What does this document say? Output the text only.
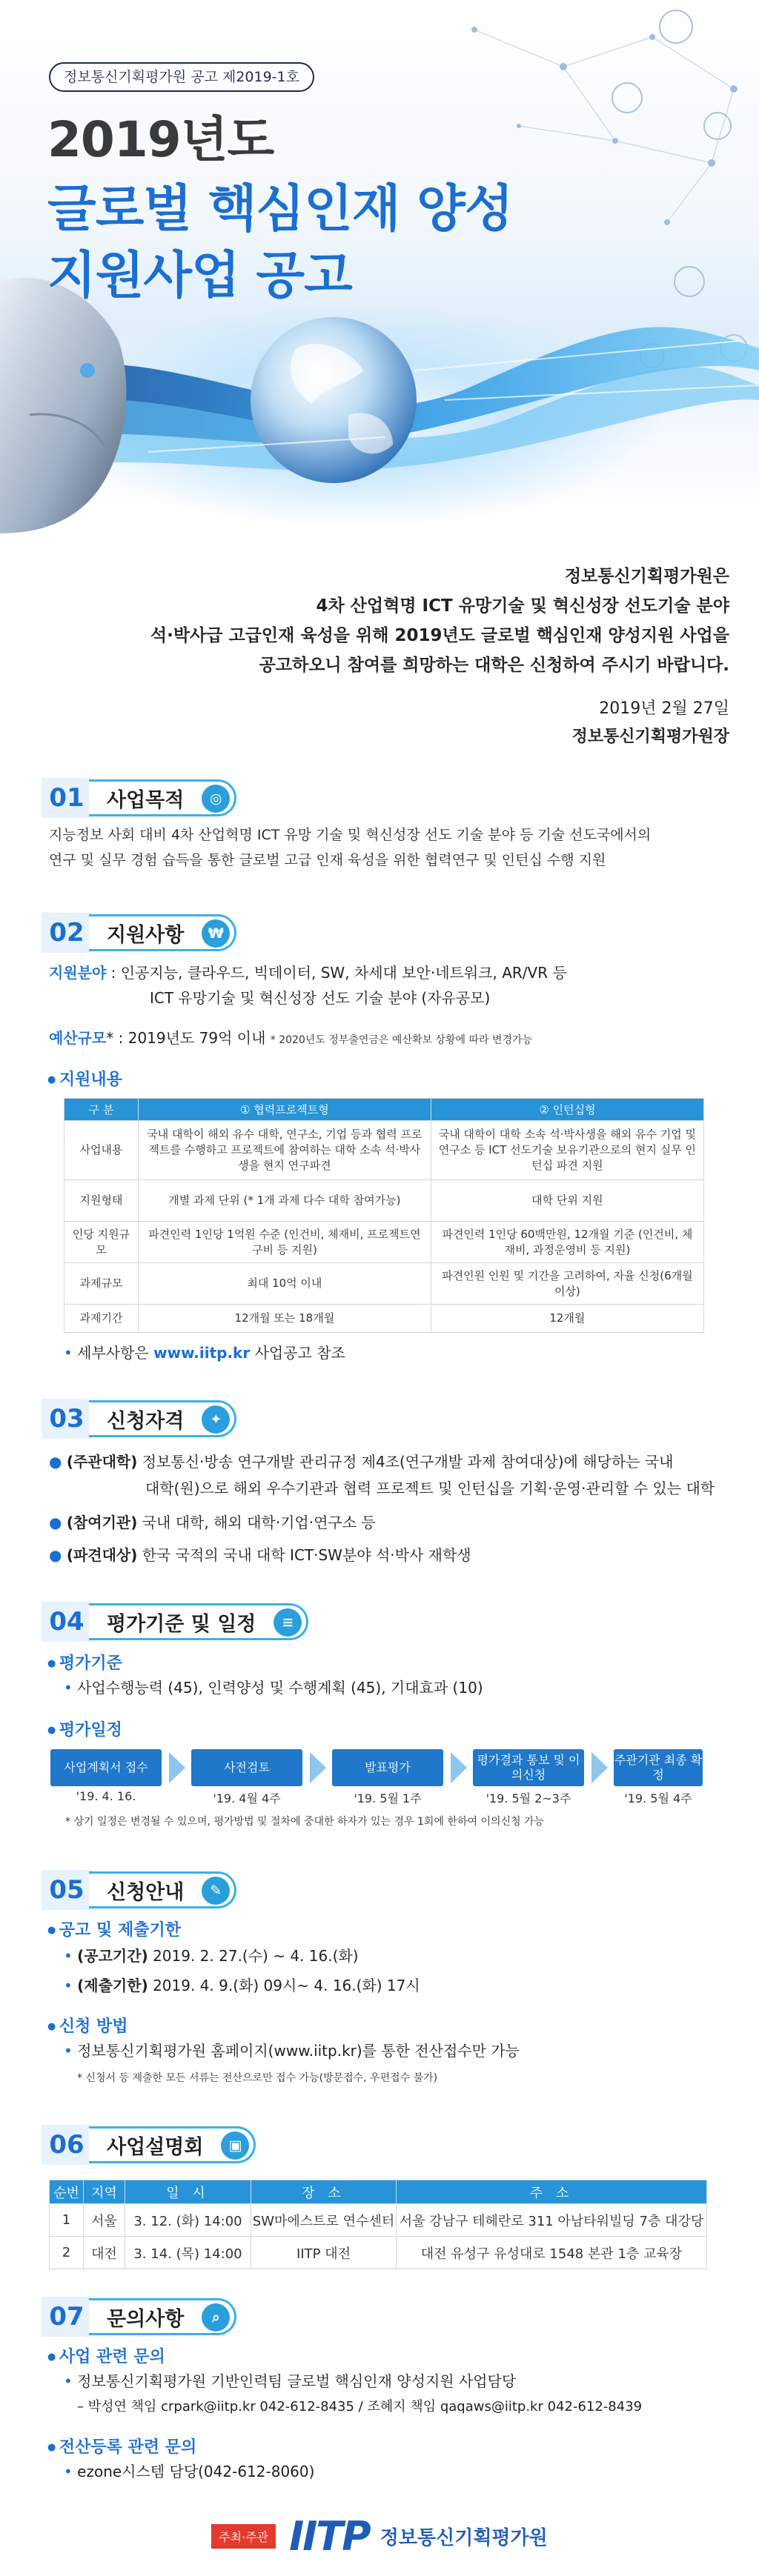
정보통신기획평가원 공고 제2019-1호
2019년도
글로벌 핵심인재 양성
지원사업 공고
정보통신기획평가원은
4차 산업혁명 ICT 유망기술 및 혁신성장 선도기술 분야
석·박사급 고급인재 육성을 위해 2019년도 글로벌 핵심인재 양성지원 사업을
공고하오니 참여를 희망하는 대학은 신청하여 주시기 바랍니다.
2019년 2월 27일
정보통신기획평가원장
01	사업목적	◎
지능정보 사회 대비 4차 산업혁명 ICT 유망 기술 및 혁신성장 선도 기술 분야 등 기술 선도국에서의
연구 및 실무 경험 습득을 통한 글로벌 고급 인재 육성을 위한 협력연구 및 인턴십 수행 지원
02	지원사항	₩
지원분야 : 인공지능, 클라우드, 빅데이터, SW, 차세대 보안·네트워크, AR/VR 등
ICT 유망기술 및 혁신성장 선도 기술 분야 (자유공모)
예산규모* : 2019년도 79억 이내 * 2020년도 정부출연금은 예산확보 상황에 따라 변경가능
● 지원내용
구 분	① 협력프로젝트형	② 인턴십형
사업내용	국내 대학이 해외 유수 대학, 연구소, 기업 등과 협력 프로젝트를 수행하고 프로젝트에 참여하는 대학 소속 석·박사생을 현지 연구파견	국내 대학이 대학 소속 석·박사생을 해외 유수 기업 및 연구소 등 ICT 선도기술 보유기관으로의 현지 실무 인턴십 파견 지원
지원형태	개별 과제 단위 (* 1개 과제 다수 대학 참여가능)	대학 단위 지원
인당 지원규모	파견인력 1인당 1억원 수준 (인건비, 체재비, 프로젝트연구비 등 지원)	파견인력 1인당 60백만원, 12개월 기준 (인건비, 체재비, 과정운영비 등 지원)
과제규모	최대 10억 이내	파견인원 인원 및 기간을 고려하여, 자율 신청(6개월 이상)
과제기간	12개월 또는 18개월	12개월
• 세부사항은 www.iitp.kr 사업공고 참조
03	신청자격	✦
● (주관대학) 정보통신·방송 연구개발 관리규정 제4조(연구개발 과제 참여대상)에 해당하는 국내
대학(원)으로 해외 우수기관과 협력 프로젝트 및 인턴십을 기획·운영·관리할 수 있는 대학
● (참여기관) 국내 대학, 해외 대학·기업·연구소 등
● (파견대상) 한국 국적의 국내 대학 ICT·SW분야 석·박사 재학생
04	평가기준 및 일정	≡
● 평가기준
• 사업수행능력 (45), 인력양성 및 수행계획 (45), 기대효과 (10)
● 평가일정
사업계획서 접수
'19. 4. 16.
사전검토
'19. 4월 4주
발표평가
'19. 5월 1주
평가결과 통보 및 이의신청
'19. 5월 2~3주
주관기관 최종 확정
'19. 5월 4주
* 상기 일정은 변경될 수 있으며, 평가방법 및 절차에 중대한 하자가 있는 경우 1회에 한하여 이의신청 가능
05	신청안내	✎
● 공고 및 제출기한
• (공고기간) 2019. 2. 27.(수) ~ 4. 16.(화)
• (제출기한) 2019. 4. 9.(화) 09시~ 4. 16.(화) 17시
● 신청 방법
• 정보통신기획평가원 홈페이지(www.iitp.kr)를 통한 전산접수만 가능
* 신청서 등 제출한 모든 서류는 전산으로만 접수 가능(방문접수, 우편접수 불가)
06	사업설명회	▣
순번	지역	일 시	장 소	주 소
1	서울	3. 12. (화) 14:00	SW마에스트로 연수센터	서울 강남구 테헤란로 311 아남타워빌딩 7층 대강당
2	대전	3. 14. (목) 14:00	IITP 대전	대전 유성구 유성대로 1548 본관 1층 교육장
07	문의사항	⌕
● 사업 관련 문의
• 정보통신기획평가원 기반인력팀 글로벌 핵심인재 양성지원 사업담당
– 박성연 책임 crpark@iitp.kr 042-612-8435 / 조혜지 책임 qaqaws@iitp.kr 042-612-8439
● 전산등록 관련 문의
• ezone시스템 담당(042-612-8060)
주최·주관 IITP 정보통신기획평가원
